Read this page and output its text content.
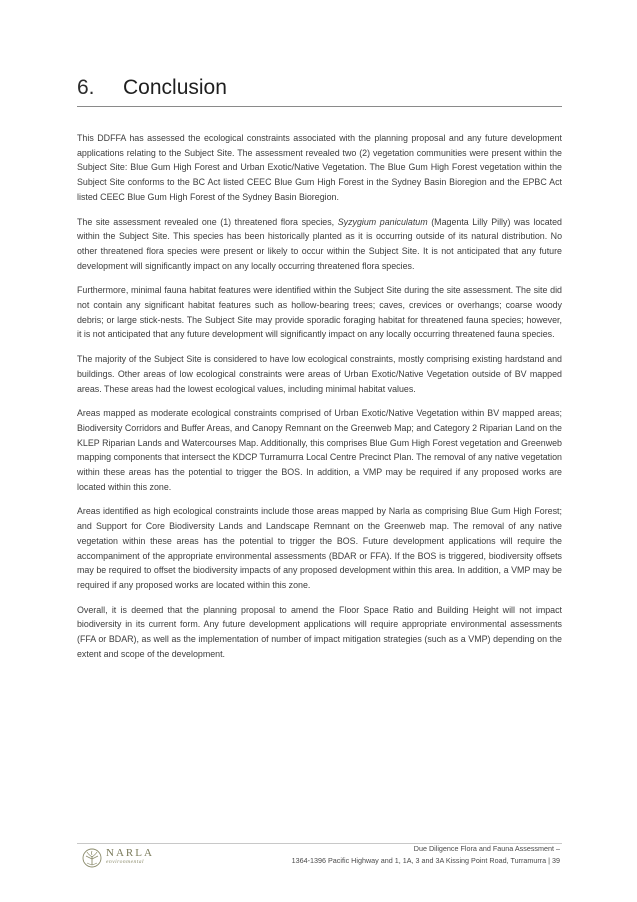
6.	Conclusion

This DDFFA has assessed the ecological constraints associated with the planning proposal and any future development applications relating to the Subject Site. The assessment revealed two (2) vegetation communities were present within the Subject Site: Blue Gum High Forest and Urban Exotic/Native Vegetation. The Blue Gum High Forest vegetation within the Subject Site conforms to the BC Act listed CEEC Blue Gum High Forest in the Sydney Basin Bioregion and the EPBC Act listed CEEC Blue Gum High Forest of the Sydney Basin Bioregion.

The site assessment revealed one (1) threatened flora species, Syzygium paniculatum (Magenta Lilly Pilly) was located within the Subject Site. This species has been historically planted as it is occurring outside of its natural distribution. No other threatened flora species were present or likely to occur within the Subject Site. It is not anticipated that any future development will significantly impact on any locally occurring threatened flora species.

Furthermore, minimal fauna habitat features were identified within the Subject Site during the site assessment. The site did not contain any significant habitat features such as hollow-bearing trees; caves, crevices or overhangs; coarse woody debris; or large stick-nests. The Subject Site may provide sporadic foraging habitat for threatened fauna species; however, it is not anticipated that any future development will significantly impact on any locally occurring threatened fauna species.

The majority of the Subject Site is considered to have low ecological constraints, mostly comprising existing hardstand and buildings. Other areas of low ecological constraints were areas of Urban Exotic/Native Vegetation outside of BV mapped areas. These areas had the lowest ecological values, including minimal habitat values.

Areas mapped as moderate ecological constraints comprised of Urban Exotic/Native Vegetation within BV mapped areas; Biodiversity Corridors and Buffer Areas, and Canopy Remnant on the Greenweb Map; and Category 2 Riparian Land on the KLEP Riparian Lands and Watercourses Map. Additionally, this comprises Blue Gum High Forest vegetation and Greenweb mapping components that intersect the KDCP Turramurra Local Centre Precinct Plan. The removal of any native vegetation within these areas has the potential to trigger the BOS. In addition, a VMP may be required if any proposed works are located within this zone.

Areas identified as high ecological constraints include those areas mapped by Narla as comprising Blue Gum High Forest; and Support for Core Biodiversity Lands and Landscape Remnant on the Greenweb map. The removal of any native vegetation within these areas has the potential to trigger the BOS. Future development applications will require the accompaniment of the appropriate environmental assessments (BDAR or FFA). If the BOS is triggered, biodiversity offsets may be required to offset the biodiversity impacts of any proposed development within this area. In addition, a VMP may be required if any proposed works are located within this zone.

Overall, it is deemed that the planning proposal to amend the Floor Space Ratio and Building Height will not impact biodiversity in its current form. Any future development applications will require appropriate environmental assessments (FFA or BDAR), as well as the implementation of number of impact mitigation strategies (such as a VMP) depending on the extent and scope of the development.

NARLA
environmental
Due Diligence Flora and Fauna Assessment –
1364-1396 Pacific Highway and 1, 1A, 3 and 3A Kissing Point Road, Turramurra | 39
